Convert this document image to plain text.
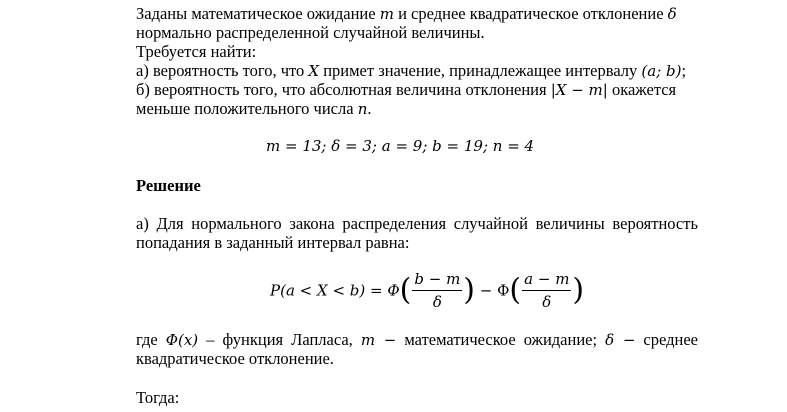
Заданы математическое ожидание m и среднее квадратическое отклонение δ
нормально распределенной случайной величины.
Требуется найти:
а) вероятность того, что X примет значение, принадлежащее интервалу (a; b);
б) вероятность того, что абсолютная величина отклонения |X − m| окажется
меньше положительного числа n.
m = 13; δ = 3; a = 9; b = 19; n = 4
Решение
а) Для нормального закона распределения случайной величины вероятность
попадания в заданный интервал равна:
$P(a < X < b) = \Phi( \frac{b - m}{\delta}$ ) − $\Phi( \frac{a - m}{\delta}$ )
где Φ(x) – функция Лапласа, m − математическое ожидание; δ − среднее
квадратическое отклонение.
Тогда:
